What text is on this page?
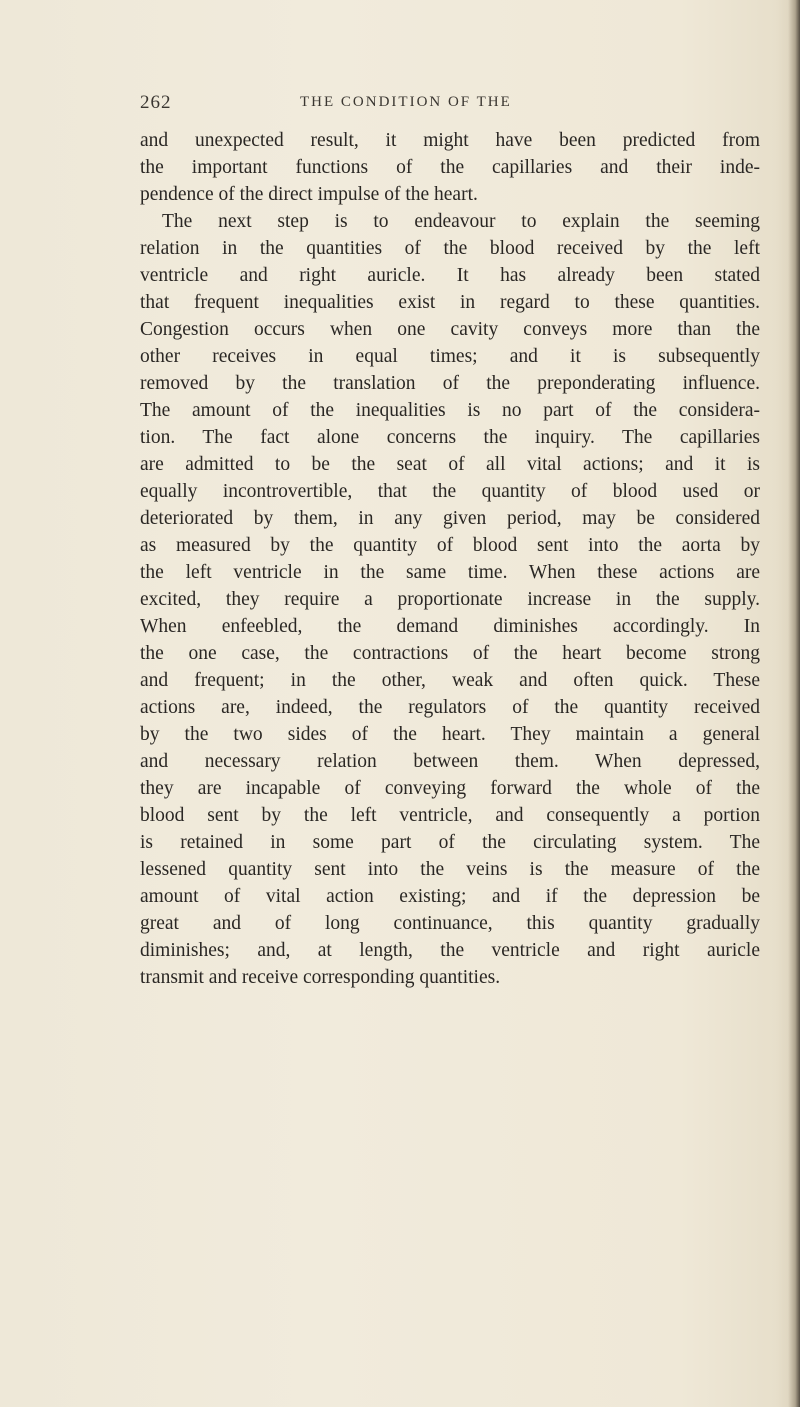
262	THE CONDITION OF THE
and unexpected result, it might have been predicted from
the important functions of the capillaries and their inde-
pendence of the direct impulse of the heart.
The next step is to endeavour to explain the seeming
relation in the quantities of the blood received by the left
ventricle and right auricle. It has already been stated
that frequent inequalities exist in regard to these quantities.
Congestion occurs when one cavity conveys more than the
other receives in equal times; and it is subsequently
removed by the translation of the preponderating influence.
The amount of the inequalities is no part of the considera-
tion. The fact alone concerns the inquiry. The capillaries
are admitted to be the seat of all vital actions; and it is
equally incontrovertible, that the quantity of blood used or
deteriorated by them, in any given period, may be considered
as measured by the quantity of blood sent into the aorta by
the left ventricle in the same time. When these actions are
excited, they require a proportionate increase in the supply.
When enfeebled, the demand diminishes accordingly. In
the one case, the contractions of the heart become strong
and frequent; in the other, weak and often quick. These
actions are, indeed, the regulators of the quantity received
by the two sides of the heart. They maintain a general
and necessary relation between them. When depressed,
they are incapable of conveying forward the whole of the
blood sent by the left ventricle, and consequently a portion
is retained in some part of the circulating system. The
lessened quantity sent into the veins is the measure of the
amount of vital action existing; and if the depression be
great and of long continuance, this quantity gradually
diminishes; and, at length, the ventricle and right auricle
transmit and receive corresponding quantities.
